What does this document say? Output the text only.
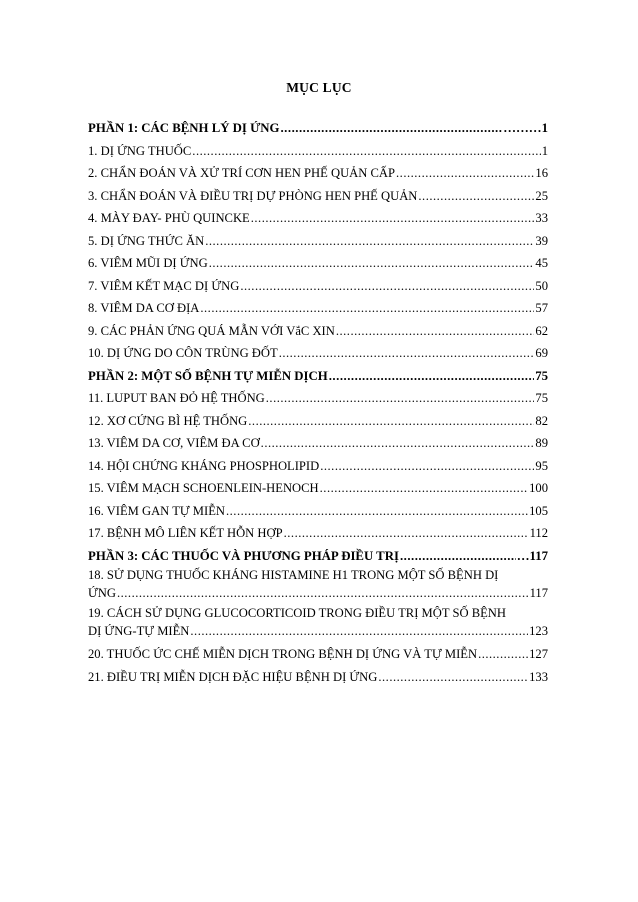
MỤC LỤC
PHẦN 1: CÁC BỆNH LÝ DỊ ỨNG .....	……… 1
1. DỊ ỨNG THUỐC .....	1
2. CHẨN ĐOÁN VÀ XỬ TRÍ CƠN HEN PHẾ QUẢN CẤP .....	16
3. CHẨN ĐOÁN VÀ ĐIỀU TRỊ DỰ PHÒNG HEN PHẾ QUẢN .....	25
4. MÀY ĐAY- PHÙ QUINCKE .....	33
5. DỊ ỨNG THỨC ĂN .....	39
6. VIÊM MŨI DỊ ỨNG .....	45
7. VIÊM KẾT MẠC DỊ ỨNG .....	50
8. VIÊM DA CƠ ĐỊA .....	57
9. CÁC PHẢN ỨNG QUÁ MẪN VỚI VắC XIN .....	62
10. DỊ ỨNG DO CÔN TRÙNG ĐỐT .....	69
PHẦN 2: MỘT SỐ BỆNH TỰ MIỄN DỊCH .....	75
11. LUPUT BAN ĐỎ HỆ THỐNG .....	75
12. XƠ CỨNG BÌ HỆ THỐNG .....	82
13. VIÊM DA CƠ, VIÊM ĐA CƠ .....	89
14. HỘI CHỨNG KHÁNG PHOSPHOLIPID .....	95
15. VIÊM MẠCH SCHOENLEIN-HENOCH .....	100
16. VIÊM GAN TỰ MIỄN .....	105
17. BỆNH MÔ LIÊN KẾT HỖN HỢP .....	112
PHẦN 3: CÁC THUỐC VÀ PHƯƠNG PHÁP ĐIỀU TRỊ .....	… 117
18. SỬ DỤNG THUỐC KHÁNG HISTAMINE H1 TRONG MỘT SỐ BỆNH DỊ
ỨNG .....	117
19. CÁCH SỬ DỤNG GLUCOCORTICOID TRONG ĐIỀU TRỊ MỘT SỐ BỆNH
DỊ ỨNG-TỰ MIỄN .....	123
20. THUỐC ỨC CHẾ MIỄN DỊCH TRONG BỆNH DỊ ỨNG VÀ TỰ MIỄN .....	127
21. ĐIỀU TRỊ MIỄN DỊCH ĐẶC HIỆU BỆNH DỊ ỨNG .....	133
